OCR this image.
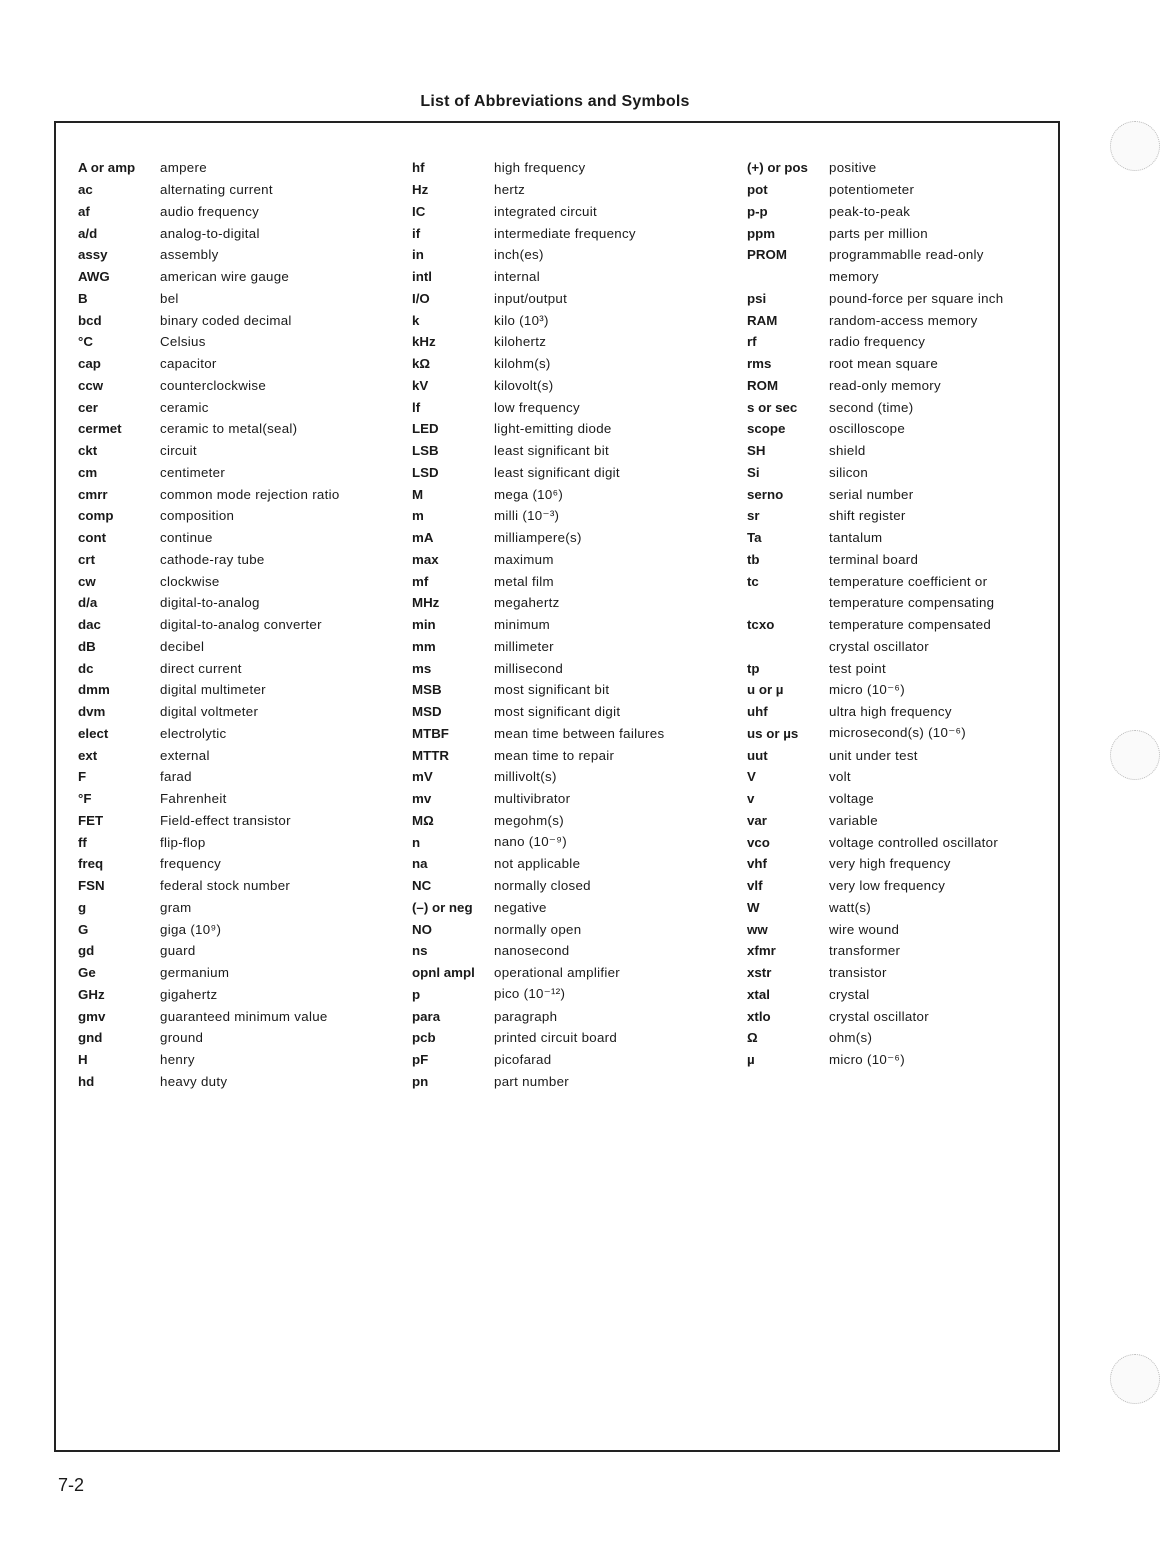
List of Abbreviations and Symbols
A or amp	ampere
ac	alternating current
af	audio frequency
a/d	analog-to-digital
assy	assembly
AWG	american wire gauge
B	bel
bcd	binary coded decimal
°C	Celsius
cap	capacitor
ccw	counterclockwise
cer	ceramic
cermet	ceramic to metal(seal)
ckt	circuit
cm	centimeter
cmrr	common mode rejection ratio
comp	composition
cont	continue
crt	cathode-ray tube
cw	clockwise
d/a	digital-to-analog
dac	digital-to-analog converter
dB	decibel
dc	direct current
dmm	digital multimeter
dvm	digital voltmeter
elect	electrolytic
ext	external
F	farad
°F	Fahrenheit
FET	Field-effect transistor
ff	flip-flop
freq	frequency
FSN	federal stock number
g	gram
G	giga (10⁹)
gd	guard
Ge	germanium
GHz	gigahertz
gmv	guaranteed minimum value
gnd	ground
H	henry
hd	heavy duty
hf	high frequency
Hz	hertz
IC	integrated circuit
if	intermediate frequency
in	inch(es)
intl	internal
I/O	input/output
k	kilo (10³)
kHz	kilohertz
kΩ	kilohm(s)
kV	kilovolt(s)
lf	low frequency
LED	light-emitting diode
LSB	least significant bit
LSD	least significant digit
M	mega (10⁶)
m	milli (10⁻³)
mA	milliampere(s)
max	maximum
mf	metal film
MHz	megahertz
min	minimum
mm	millimeter
ms	millisecond
MSB	most significant bit
MSD	most significant digit
MTBF	mean time between failures
MTTR	mean time to repair
mV	millivolt(s)
mv	multivibrator
MΩ	megohm(s)
n	nano (10⁻⁹)
na	not applicable
NC	normally closed
(–) or neg	negative
NO	normally open
ns	nanosecond
opnl ampl	operational amplifier
p	pico (10⁻¹²)
para	paragraph
pcb	printed circuit board
pF	picofarad
pn	part number
(+) or pos	positive
pot	potentiometer
p-p	peak-to-peak
ppm	parts per million
PROM	programmablle read-only
memory
psi	pound-force per square inch
RAM	random-access memory
rf	radio frequency
rms	root mean square
ROM	read-only memory
s or sec	second (time)
scope	oscilloscope
SH	shield
Si	silicon
serno	serial number
sr	shift register
Ta	tantalum
tb	terminal board
tc	temperature coefficient or
temperature compensating
tcxo	temperature compensated
crystal oscillator
tp	test point
u or µ	micro (10⁻⁶)
uhf	ultra high frequency
us or µs	microsecond(s) (10⁻⁶)
uut	unit under test
V	volt
v	voltage
var	variable
vco	voltage controlled oscillator
vhf	very high frequency
vlf	very low frequency
W	watt(s)
ww	wire wound
xfmr	transformer
xstr	transistor
xtal	crystal
xtlo	crystal oscillator
Ω	ohm(s)
µ	micro (10⁻⁶)
7-2
